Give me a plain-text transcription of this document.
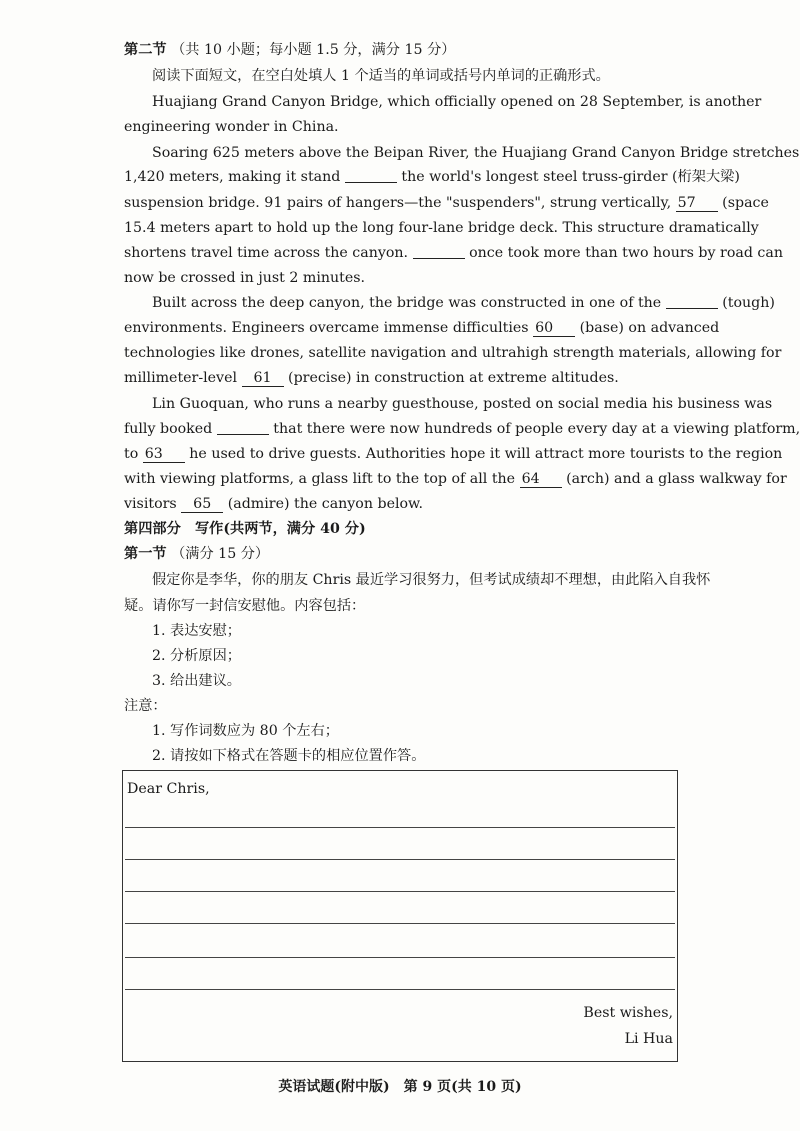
第二节 （共 10 小题；每小题 1.5 分，满分 15 分）
阅读下面短文，在空白处填人 1 个适当的单词或括号内单词的正确形式。
Huajiang Grand Canyon Bridge, which officially opened on 28 September, is another
engineering wonder in China.
Soaring 625 meters above the Beipan River, the Huajiang Grand Canyon Bridge stretches
1,420 meters, making it stand	the world's longest steel truss-girder (桁架大梁)
suspension bridge. 91 pairs of hangers—the "suspenders", strung vertically, 57 (space
15.4 meters apart to hold up the long four-lane bridge deck. This structure dramatically
shortens travel time across the canyon.	once took more than two hours by road can
now be crossed in just 2 minutes.
Built across the deep canyon, the bridge was constructed in one of the	(tough)
environments. Engineers overcame immense difficulties 60 (base) on advanced
technologies like drones, satellite navigation and ultrahigh strength materials, allowing for
millimeter-level 61 (precise) in construction at extreme altitudes.
Lin Guoquan, who runs a nearby guesthouse, posted on social media his business was
fully booked	that there were now hundreds of people every day at a viewing platform,
to 63 he used to drive guests. Authorities hope it will attract more tourists to the region
with viewing platforms, a glass lift to the top of all the 64 (arch) and a glass walkway for
visitors 65 (admire) the canyon below.
第四部分　写作(共两节，满分 40 分)
第一节 （满分 15 分）
假定你是李华，你的朋友 Chris 最近学习很努力，但考试成绩却不理想，由此陷入自我怀
疑。请你写一封信安慰他。内容包括：
1. 表达安慰；
2. 分析原因；
3. 给出建议。
注意：
1. 写作词数应为 80 个左右；
2. 请按如下格式在答题卡的相应位置作答。
Dear Chris,
Best wishes,
Li Hua
英语试题(附中版)　第 9 页(共 10 页)
